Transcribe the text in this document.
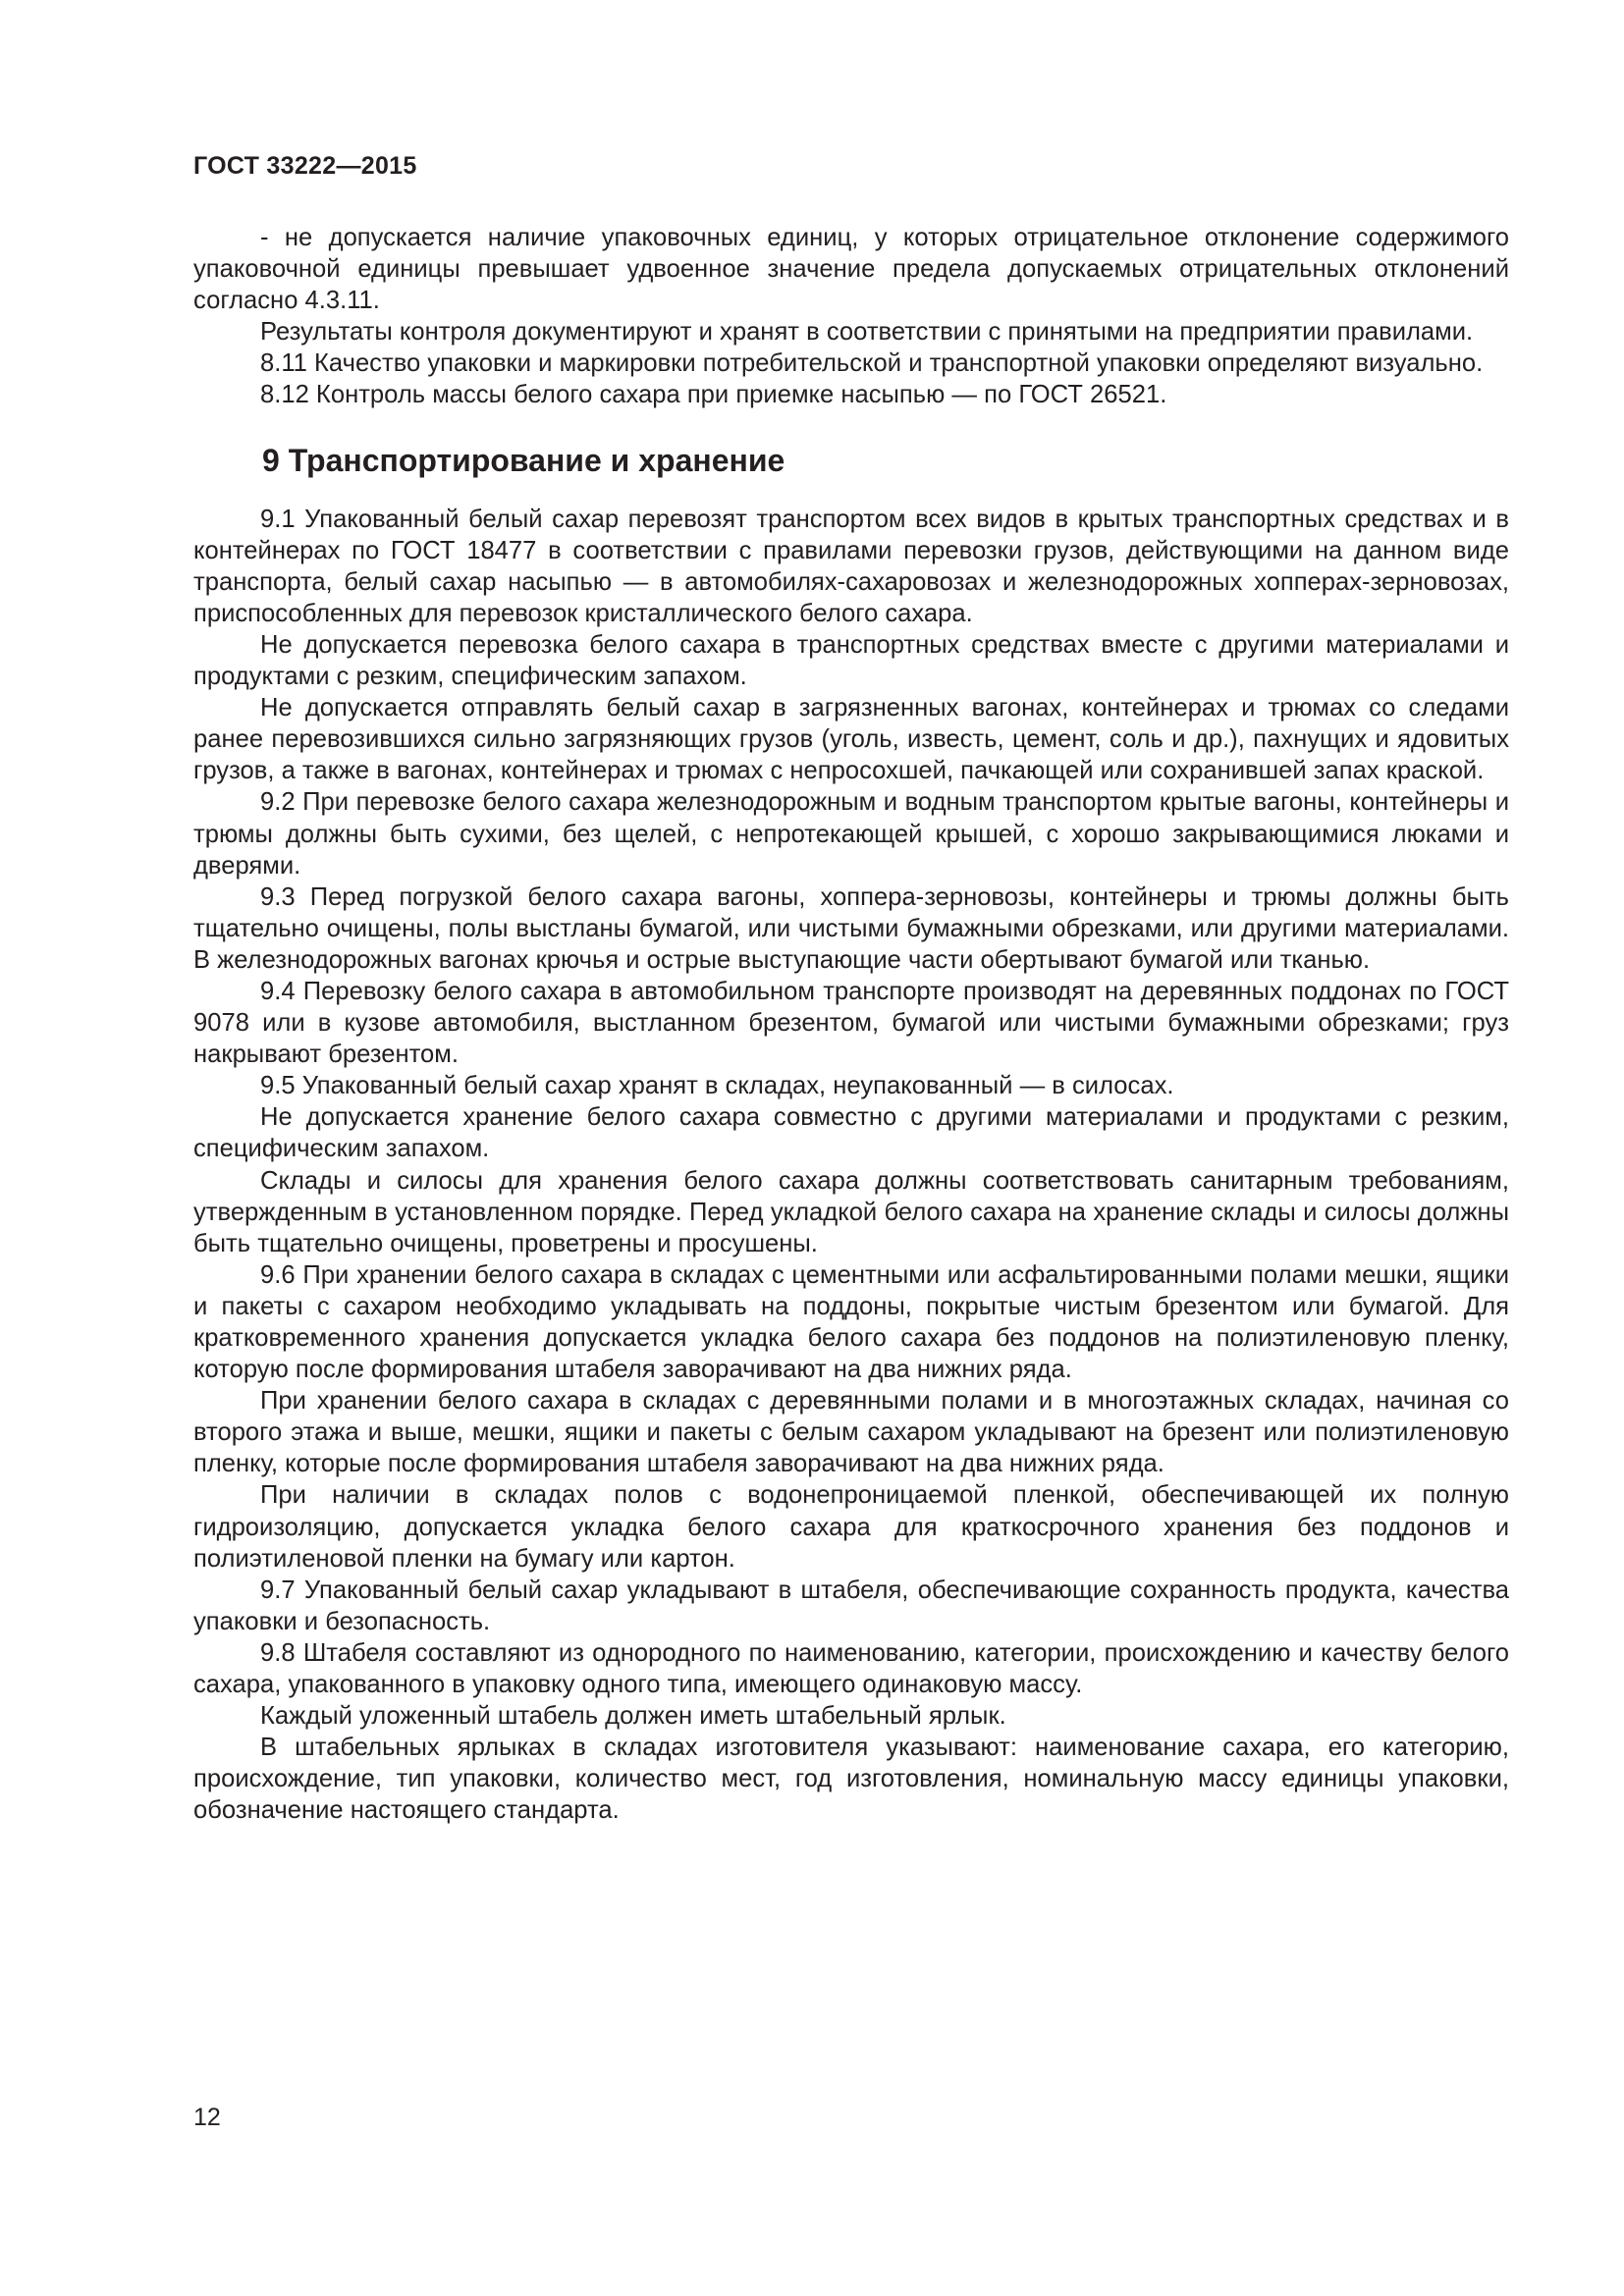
ГОСТ 33222—2015

- не допускается наличие упаковочных единиц, у которых отрицательное отклонение содержимого упаковочной единицы превышает удвоенное значение предела допускаемых отрицательных отклонений согласно 4.3.11.

Результаты контроля документируют и хранят в соответствии с принятыми на предприятии правилами.

8.11 Качество упаковки и маркировки потребительской и транспортной упаковки определяют визуально.

8.12 Контроль массы белого сахара при приемке насыпью — по ГОСТ 26521.

9 Транспортирование и хранение

9.1 Упакованный белый сахар перевозят транспортом всех видов в крытых транспортных средствах и в контейнерах по ГОСТ 18477 в соответствии с правилами перевозки грузов, действующими на данном виде транспорта, белый сахар насыпью — в автомобилях-сахаровозах и железнодорожных хопперах-зерновозах, приспособленных для перевозок кристаллического белого сахара.

Не допускается перевозка белого сахара в транспортных средствах вместе с другими материалами и продуктами с резким, специфическим запахом.

Не допускается отправлять белый сахар в загрязненных вагонах, контейнерах и трюмах со следами ранее перевозившихся сильно загрязняющих грузов (уголь, известь, цемент, соль и др.), пахнущих и ядовитых грузов, а также в вагонах, контейнерах и трюмах с непросохшей, пачкающей или сохранившей запах краской.

9.2 При перевозке белого сахара железнодорожным и водным транспортом крытые вагоны, контейнеры и трюмы должны быть сухими, без щелей, с непротекающей крышей, с хорошо закрывающимися люками и дверями.

9.3 Перед погрузкой белого сахара вагоны, хоппера-зерновозы, контейнеры и трюмы должны быть тщательно очищены, полы выстланы бумагой, или чистыми бумажными обрезками, или другими материалами. В железнодорожных вагонах крючья и острые выступающие части обертывают бумагой или тканью.

9.4 Перевозку белого сахара в автомобильном транспорте производят на деревянных поддонах по ГОСТ 9078 или в кузове автомобиля, выстланном брезентом, бумагой или чистыми бумажными обрезками; груз накрывают брезентом.

9.5 Упакованный белый сахар хранят в складах, неупакованный — в силосах.

Не допускается хранение белого сахара совместно с другими материалами и продуктами с резким, специфическим запахом.

Склады и силосы для хранения белого сахара должны соответствовать санитарным требованиям, утвержденным в установленном порядке. Перед укладкой белого сахара на хранение склады и силосы должны быть тщательно очищены, проветрены и просушены.

9.6 При хранении белого сахара в складах с цементными или асфальтированными полами мешки, ящики и пакеты с сахаром необходимо укладывать на поддоны, покрытые чистым брезентом или бумагой. Для кратковременного хранения допускается укладка белого сахара без поддонов на полиэтиленовую пленку, которую после формирования штабеля заворачивают на два нижних ряда.

При хранении белого сахара в складах с деревянными полами и в многоэтажных складах, начиная со второго этажа и выше, мешки, ящики и пакеты с белым сахаром укладывают на брезент или полиэтиленовую пленку, которые после формирования штабеля заворачивают на два нижних ряда.

При наличии в складах полов с водонепроницаемой пленкой, обеспечивающей их полную гидроизоляцию, допускается укладка белого сахара для краткосрочного хранения без поддонов и полиэтиленовой пленки на бумагу или картон.

9.7 Упакованный белый сахар укладывают в штабеля, обеспечивающие сохранность продукта, качества упаковки и безопасность.

9.8 Штабеля составляют из однородного по наименованию, категории, происхождению и качеству белого сахара, упакованного в упаковку одного типа, имеющего одинаковую массу.

Каждый уложенный штабель должен иметь штабельный ярлык.

В штабельных ярлыках в складах изготовителя указывают: наименование сахара, его категорию, происхождение, тип упаковки, количество мест, год изготовления, номинальную массу единицы упаковки, обозначение настоящего стандарта.

12
